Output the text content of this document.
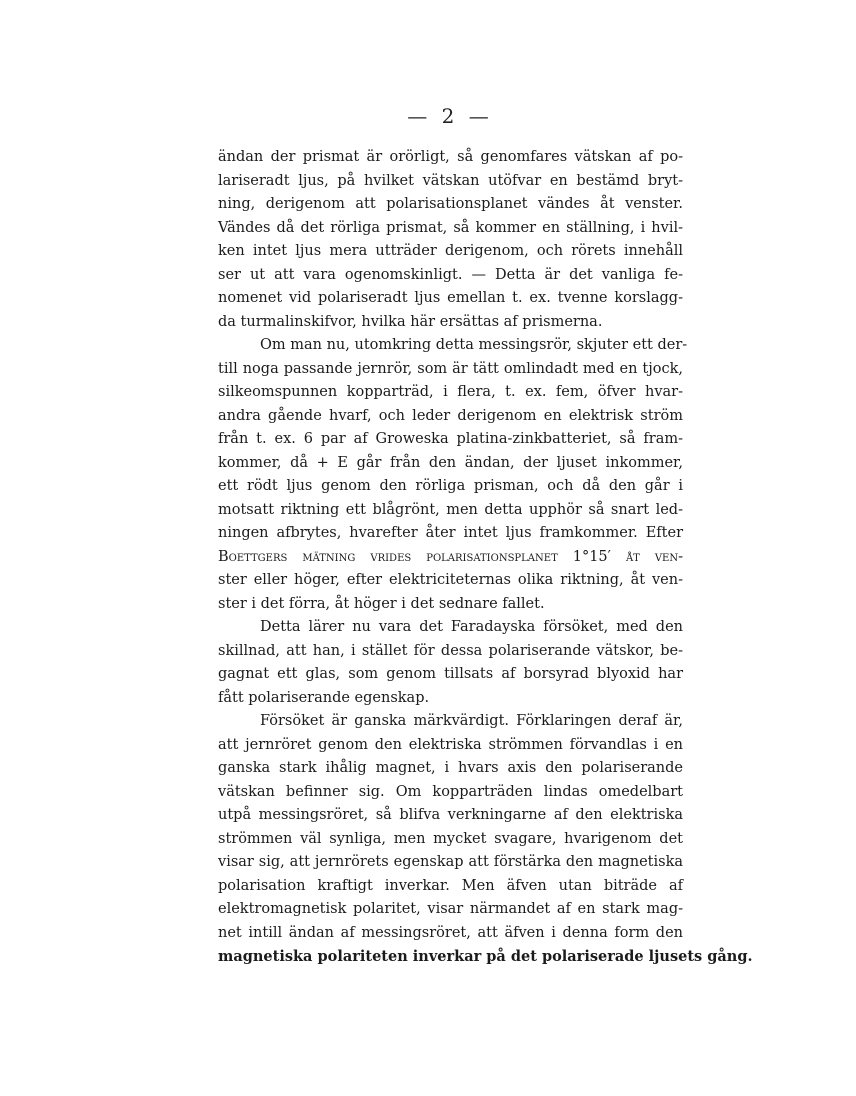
— 2 —
ändan der prismat är orörligt, så genomfares vätskan af po-
lariseradt ljus, på hvilket vätskan utöfvar en bestämd bryt-
ning, derigenom att polarisationsplanet vändes åt venster.
Vändes då det rörliga prismat, så kommer en ställning, i hvil-
ken intet ljus mera utträder derigenom, och rörets innehåll
ser ut att vara ogenomskinligt. — Detta är det vanliga fe-
nomenet vid polariseradt ljus emellan t. ex. tvenne korslagg-
da turmalinskifvor, hvilka här ersättas af prismerna.
Om man nu, utomkring detta messingsrör, skjuter ett der-
till noga passande jernrör, som är tätt omlindadt med en tjock,
silkeomspunnen kopparträd, i flera, t. ex. fem, öfver hvar-
andra gående hvarf, och leder derigenom en elektrisk ström
från t. ex. 6 par af Groweska platina-zinkbatteriet, så fram-
kommer, då + E går från den ändan, der ljuset inkommer,
ett rödt ljus genom den rörliga prisman, och då den går i
motsatt riktning ett blågrönt, men detta upphör så snart led-
ningen afbrytes, hvarefter åter intet ljus framkommer. Efter
Boettgers mätning vrides polarisationsplanet 1°15′ åt ven-
ster eller höger, efter elektriciteternas olika riktning, åt ven-
ster i det förra, åt höger i det sednare fallet.
Detta lärer nu vara det Faradayska försöket, med den
skillnad, att han, i stället för dessa polariserande vätskor, be-
gagnat ett glas, som genom tillsats af borsyrad blyoxid har
fått polariserande egenskap.
Försöket är ganska märkvärdigt. Förklaringen deraf är,
att jernröret genom den elektriska strömmen förvandlas i en
ganska stark ihålig magnet, i hvars axis den polariserande
vätskan befinner sig. Om kopparträden lindas omedelbart
utpå messingsröret, så blifva verkningarne af den elektriska
strömmen väl synliga, men mycket svagare, hvarigenom det
visar sig, att jernrörets egenskap att förstärka den magnetiska
polarisation kraftigt inverkar. Men äfven utan biträde af
elektromagnetisk polaritet, visar närmandet af en stark mag-
net intill ändan af messingsröret, att äfven i denna form den
magnetiska polariteten inverkar på det polariserade ljusets gång.
